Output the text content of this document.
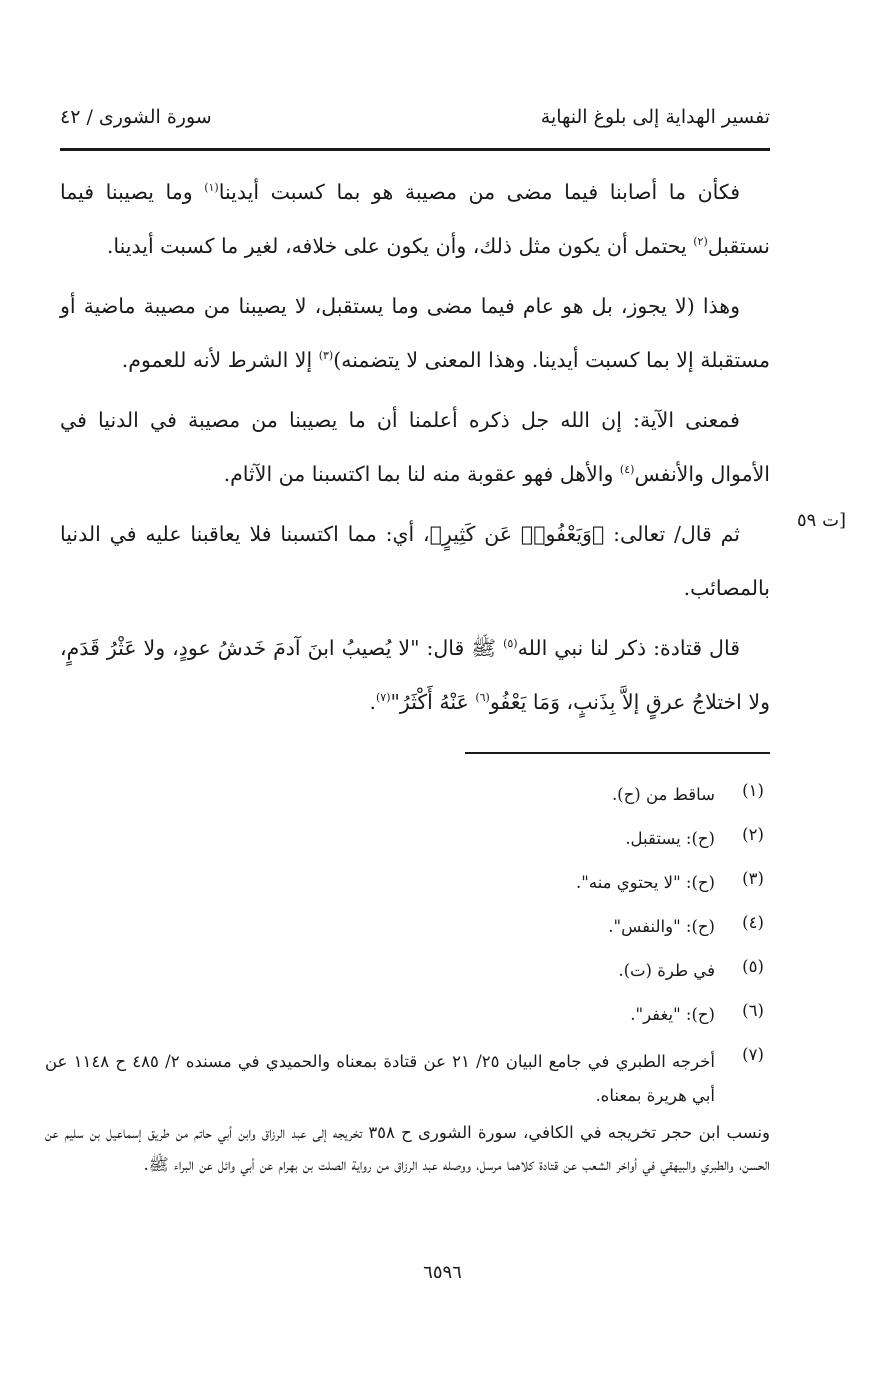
تفسير الهداية إلى بلوغ النهاية
سورة الشورى / ٤٢

فكأن ما أصابنا فيما مضى من مصيبة هو بما كسبت أيدينا$^{(١)}$ وما يصيبنا فيما نستقبل$^{(٢)}$ يحتمل أن يكون مثل ذلك، وأن يكون على خلافه، لغير ما كسبت أيدينا.

وهذا (لا يجوز، بل هو عام فيما مضى وما يستقبل، لا يصيبنا من مصيبة ماضية أو مستقبلة إلا بما كسبت أيدينا. وهذا المعنى لا يتضمنه)$^{(٣)}$ إلا الشرط لأنه للعموم.

فمعنى الآية: إن الله جل ذكره أعلمنا أن ما يصيبنا من مصيبة في الدنيا في الأموال والأنفس$^{(٤)}$ والأهل فهو عقوبة منه لنا بما اكتسبنا من الآثام.

ثم قال/ تعالى: ﴿وَيَعْفُوا۟ عَن كَثِيرٍ﴾، أي: مما اكتسبنا فلا يعاقبنا عليه في الدنيا بالمصائب.

قال قتادة: ذكر لنا نبي الله$^{(٥)}$ ﷺ قال: "لا يُصيبُ ابنَ آدمَ خَدشُ عودٍ، ولا عَثْرُ قَدَمٍ، ولا اختلاجُ عرقٍ إلاَّ بِذَنبٍ، وَمَا يَعْفُو$^{(٦)}$ عَنْهُ أَكْثَرُ"$^{(٧)}$.

[ت ٥٩
(١)
ساقط من (ح).
(٢)
(ح): يستقبل.
(٣)
(ح): "لا يحتوي منه".
(٤)
(ح): "والنفس".
(٥)
في طرة (ت).
(٦)
(ح): "يغفر".
(٧)
أخرجه الطبري في جامع البيان ٢٥/ ٢١ عن قتادة بمعناه والحميدي في مسنده ٢/ ٤٨٥ ح ١١٤٨ عن أبي هريرة بمعناه.

ونسب ابن حجر تخريجه في الكافي، سورة الشورى ح ٣٥٨ تخريجه إلى عبد الرزاق وابن أبي حاتم من طريق إسماعيل بن سليم عن الحسن، والطبري والبيهقي في أواخر الشعب عن قتادة كلاهما مرسل، ووصله عبد الرزاق من رواية الصلت بن بهرام عن أبي وائل عن البراء ﷺ.

٦٥٩٦
